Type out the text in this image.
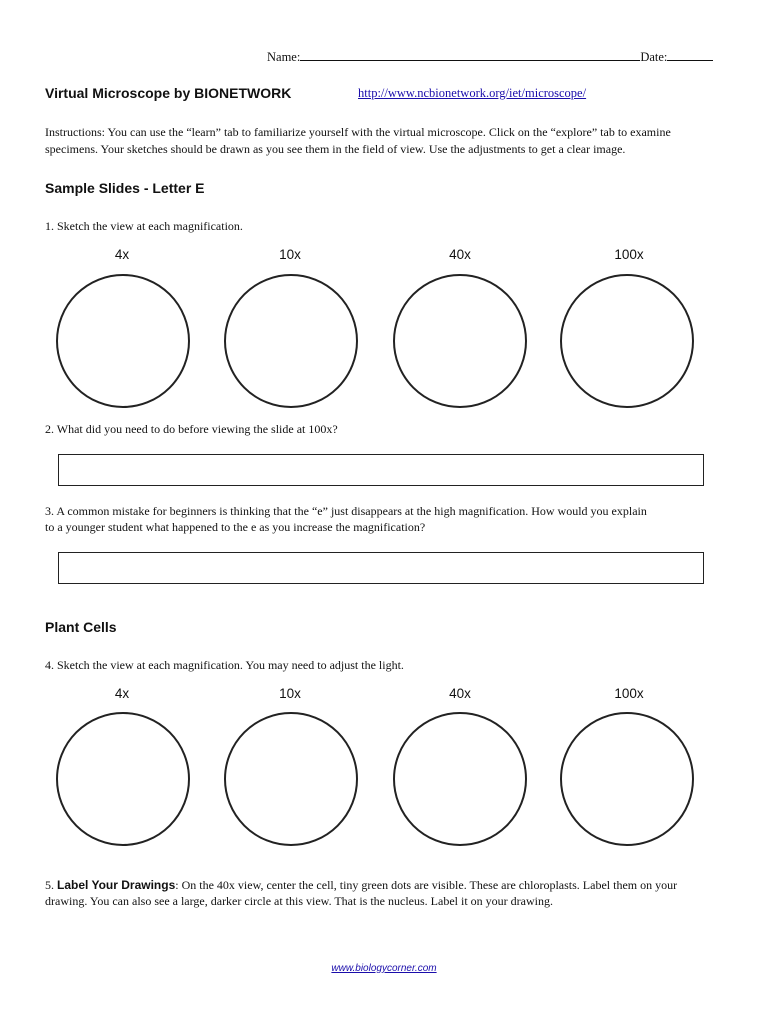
Name:	Date:
Virtual Microscope by BIONETWORK	http://www.ncbionetwork.org/iet/microscope/
Instructions: You can use the “learn” tab to familiarize yourself with the virtual microscope. Click on the “explore” tab to examine specimens. Your sketches should be drawn as you see them in the field of view. Use the adjustments to get a clear image.
Sample Slides - Letter E
1. Sketch the view at each magnification.
4x	10x	40x	100x
2. What did you need to do before viewing the slide at 100x?
3. A common mistake for beginners is thinking that the “e” just disappears at the high magnification. How would you explain
to a younger student what happened to the e as you increase the magnification?
Plant Cells
4. Sketch the view at each magnification. You may need to adjust the light.
4x	10x	40x	100x
5. Label Your Drawings: On the 40x view, center the cell, tiny green dots are visible. These are chloroplasts. Label them on your
drawing. You can also see a large, darker circle at this view. That is the nucleus. Label it on your drawing.
www.biologycorner.com
